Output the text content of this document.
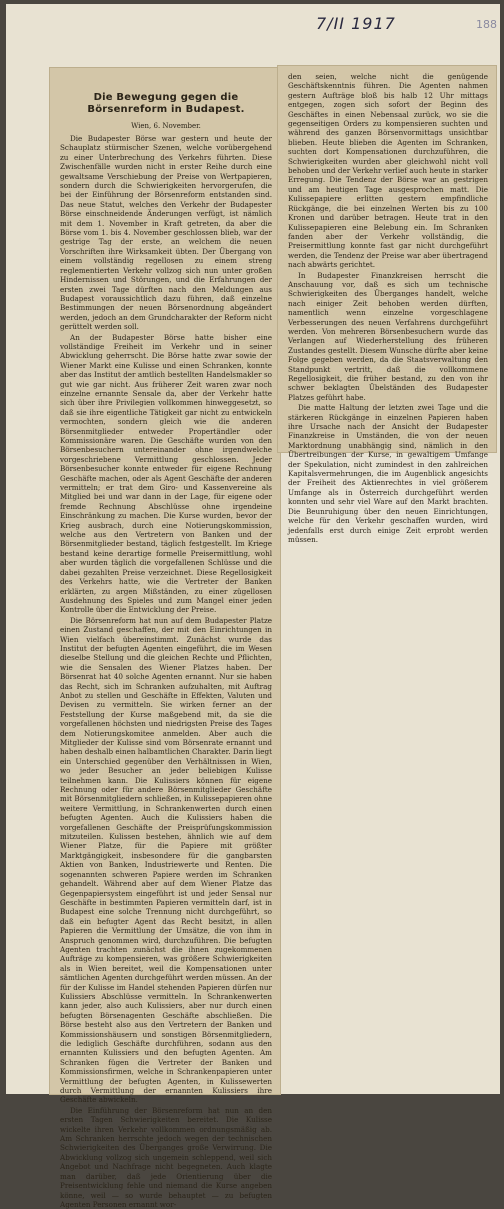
7/II 1917	188
Die Bewegung gegen die Börsenreform in Budapest.
Wien, 6. November.

Die Budapester Börse war gestern und heute der Schauplatz stürmischer Szenen, welche vorübergehend zu einer Unterbrechung des Verkehrs führten. Diese Zwischenfälle wurden nicht in erster Reihe durch eine gewaltsame Verschiebung der Preise von Wertpapieren, sondern durch die Schwierigkeiten hervorgerufen, die bei der Einführung der Börsenreform entstanden sind. Das neue Statut, welches den Verkehr der Budapester Börse einschneidende Änderungen verfügt, ist nämlich mit dem 1. November in Kraft getreten, da aber die Börse vom 1. bis 4. November geschlossen blieb, war der gestrige Tag der erste, an welchem die neuen Vorschriften ihre Wirksamkeit übten. Der Übergang von einem vollständig regellosen zu einem streng reglementierten Verkehr vollzog sich nun unter großen Hindernissen und Störungen, und die Erfahrungen der ersten zwei Tage dürften nach den Meldungen aus Budapest voraussichtlich dazu führen, daß einzelne Bestimmungen der neuen Börsenordnung abgeändert werden, jedoch an dem Grundcharakter der Reform nicht gerüttelt werden soll.

An der Budapester Börse hatte bisher eine vollständige Freiheit im Verkehr und in seiner Abwicklung geherrscht. Die Börse hatte zwar sowie der Wiener Markt eine Kulisse und einen Schranken, konnte aber das Institut der amtlich bestellten Handelsmakler so gut wie gar nicht. Aus früherer Zeit waren zwar noch einzelne ernannte Sensale da, aber der Verkehr hatte sich über ihre Privilegien vollkommen hinweggesetzt, so daß sie ihre eigentliche Tätigkeit gar nicht zu entwickeln vermochten, sondern gleich wie die anderen Börsenmitglieder entweder Propertändler oder Kommissionäre waren. Die Geschäfte wurden von den Börsenbesuchern untereinander ohne irgendwelche vorgeschriebene Vermittlung geschlossen. Jeder Börsenbesucher konnte entweder für eigene Rechnung Geschäfte machen, oder als Agent Geschäfte der anderen vermitteln; er trat dem Giro- und Kassenvereine als Mitglied bei und war dann in der Lage, für eigene oder fremde Rechnung Abschlüsse ohne irgendeine Einschränkung zu machen. Die Kurse wurden, bevor der Krieg ausbrach, durch eine Notierungskommission, welche aus den Vertretern von Banken und der Börsenmitglieder bestand, täglich festgestellt. Im Kriege bestand keine derartige formelle Preisermittlung, wohl aber wurden täglich die vorgefallenen Schlüsse und die dabei gezahlten Preise verzeichnet. Diese Regellosigkeit des Verkehrs hatte, wie die Vertreter der Banken erklärten, zu argen Mißständen, zu einer zügellosen Ausdehnung des Spieles und zum Mangel einer jeden Kontrolle über die Entwicklung der Preise.

Die Börsenreform hat nun auf dem Budapester Platze einen Zustand geschaffen, der mit den Einrichtungen in Wien vielfach übereinstimmt. Zunächst wurde das Institut der befugten Agenten eingeführt, die im Wesen dieselbe Stellung und die gleichen Rechte und Pflichten, wie die Sensalen des Wiener Platzes haben. Der Börsenrat hat 40 solche Agenten ernannt. Nur sie haben das Recht, sich im Schranken aufzuhalten, mit Auftrag Anbot zu stellen und Geschäfte in Effekten, Valuten und Devisen zu vermitteln. Sie wirken ferner an der Feststellung der Kurse maßgebend mit, da sie die vorgefallenen höchsten und niedrigsten Preise des Tages dem Notierungskomitee anmelden. Aber auch die Mitglieder der Kulisse sind vom Börsenrate ernannt und haben deshalb einen halbamtlichen Charakter. Darin liegt ein Unterschied gegenüber den Verhältnissen in Wien, wo jeder Besucher an jeder beliebigen Kulisse teilnehmen kann. Die Kulissiers können für eigene Rechnung oder für andere Börsenmitglieder Geschäfte mit Börsenmitgliedern schließen, in Kulissepapieren ohne weitere Vermittlung, in Schrankenwerten durch einen befugten Agenten. Auch die Kulissiers haben die vorgefallenen Geschäfte der Preisprüfungskommission mitzuteilen. Kulissen bestehen, ähnlich wie auf dem Wiener Platze, für die Papiere mit größter Marktgängigkeit, insbesondere für die gangbarsten Aktien von Banken, Industriewerte und Renten. Die sogenannten schweren Papiere werden im Schranken gehandelt. Während aber auf dem Wiener Platze das Gegenpapiersystem eingeführt ist und jeder Sensal nur Geschäfte in bestimmten Papieren vermitteln darf, ist in Budapest eine solche Trennung nicht durchgeführt, so daß ein befugter Agent das Recht besitzt, in allen Papieren die Vermittlung der Umsätze, die von ihm in Anspruch genommen wird, durchzuführen. Die befugten Agenten trachten zunächst die ihnen zugekommenen Aufträge zu kompensieren, was größere Schwierigkeiten als in Wien bereitet, weil die Kompensationen unter sämtlichen Agenten durchgeführt werden müssen. An der für der Kulisse im Handel stehenden Papieren dürfen nur Kulissiers Abschlüsse vermitteln. In Schrankenwerten kann jeder, also auch Kulissiers, aber nur durch einen befugten Börsenagenten Geschäfte abschließen. Die Börse besteht also aus den Vertretern der Banken und Kommissionshäusern und sonstigen Börsenmitgliedern, die lediglich Geschäfte durchführen, sodann aus den ernannten Kulissiers und den befugten Agenten. Am Schranken fügen die Vertreter der Banken und Kommissionsfirmen, welche in Schrankenpapieren unter Vermittlung der befugten Agenten, in Kulissewerten durch Vermittlung der ernannten Kulissiers ihre Geschäfte abwickeln.

Die Einführung der Börsenreform hat nun an den ersten Tagen Schwierigkeiten bereitet. Die Kulisse wickelte ihren Verkehr vollkommen ordnungsmäßig ab. Am Schranken herrschte jedoch wegen der technischen Schwierigkeiten des Überganges große Verwirrung. Die Abwicklung vollzog sich ungemein schleppend, weil sich Angebot und Nachfrage nicht begegneten. Auch klagte man darüber, daß jede Orientierung über die Preisentwicklung fehle und niemand die Kurse angeben könne, weil — so wurde behauptet — zu befugten Agenten Personen ernannt wor-

den seien, welche nicht die genügende Geschäftskenntnis führen. Die Agenten nahmen gestern Aufträge bloß bis halb 12 Uhr mittags entgegen, zogen sich sofort der Beginn des Geschäftes in einen Nebensaal zurück, wo sie die gegenseitigen Orders zu kompensieren suchten und während des ganzen Börsenvormittags unsichtbar blieben. Heute blieben die Agenten im Schranken, suchten dort Kompensationen durchzuführen, die Schwierigkeiten wurden aber gleichwohl nicht voll behoben und der Verkehr verlief auch heute in starker Erregung. Die Tendenz der Börse war an gestrigen und am heutigen Tage ausgesprochen matt. Die Kulissepapiere erlitten gestern empfindliche Rückgänge, die bei einzelnen Werten bis zu 100 Kronen und darüber betragen. Heute trat in den Kulissepapieren eine Belebung ein. Im Schranken fanden aber der Verkehr vollständig, die Preisermittlung konnte fast gar nicht durchgeführt werden, die Tendenz der Preise war aber übertragend nach abwärts gerichtet.

In Budapester Finanzkreisen herrscht die Anschauung vor, daß es sich um technische Schwierigkeiten des Überganges handelt, welche nach einiger Zeit behoben werden dürften, namentlich wenn einzelne vorgeschlagene Verbesserungen des neuen Verfahrens durchgeführt werden. Von mehreren Börsenbesuchern wurde das Verlangen auf Wiederherstellung des früheren Zustandes gestellt. Diesem Wunsche dürfte aber keine Folge gegeben werden, da die Staatsverwaltung den Standpunkt vertritt, daß die vollkommene Regellosigkeit, die früher bestand, zu den von ihr schwer beklagten Übelständen des Budapester Platzes geführt habe.

Die matte Haltung der letzten zwei Tage und die stärkeren Rückgänge in einzelnen Papieren haben ihre Ursache nach der Ansicht der Budapester Finanzkreise in Umständen, die von der neuen Marktordnung unabhängig sind, nämlich in den Übertreibungen der Kurse, in gewaltigem Umfange der Spekulation, nicht zumindest in den zahlreichen Kapitalsvermehrungen, die im Augenblick angesichts der Freiheit des Aktienrechtes in viel größerem Umfange als in Österreich durchgeführt werden konnten und sehr viel Ware auf den Markt brachten. Die Beunruhigung über den neuen Einrichtungen, welche für den Verkehr geschaffen wurden, wird jedenfalls erst durch einige Zeit erprobt werden müssen.
